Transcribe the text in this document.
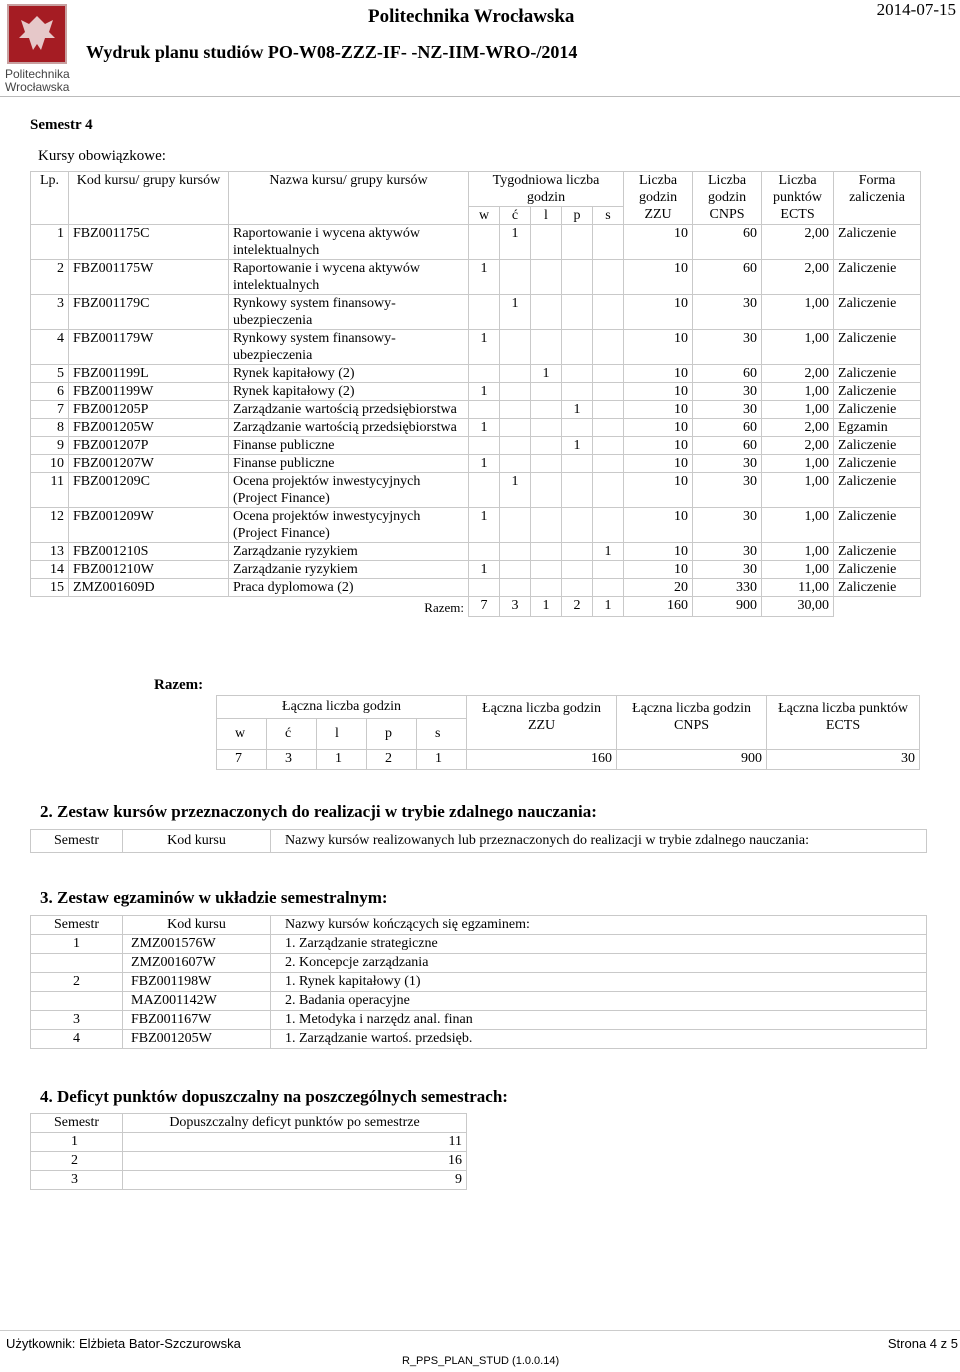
Politechnika
Wrocławska
Politechnika Wrocławska
Wydruk planu studiów PO-W08-ZZZ-IF- -NZ-IIM-WRO-/2014
2014-07-15
Semestr 4
Kursy obowiązkowe:
Lp.	Kod kursu/ grupy kursów	Nazwa kursu/ grupy kursów	Tygodniowa liczba godzin					Liczba godzin ZZU	Liczba godzin CNPS	Liczba punktów ECTS	Forma zaliczenia
			w	ć	l	p	s				
1	FBZ001175C	Raportowanie i wycena aktywów intelektualnych		1				10	60	2,00	Zaliczenie
2	FBZ001175W	Raportowanie i wycena aktywów intelektualnych	1					10	60	2,00	Zaliczenie
3	FBZ001179C	Rynkowy system finansowy-ubezpieczenia		1				10	30	1,00	Zaliczenie
4	FBZ001179W	Rynkowy system finansowy-ubezpieczenia	1					10	30	1,00	Zaliczenie
5	FBZ001199L	Rynek kapitałowy (2)			1			10	60	2,00	Zaliczenie
6	FBZ001199W	Rynek kapitałowy (2)	1					10	30	1,00	Zaliczenie
7	FBZ001205P	Zarządzanie wartością przedsiębiorstwa				1		10	30	1,00	Zaliczenie
8	FBZ001205W	Zarządzanie wartością przedsiębiorstwa	1					10	60	2,00	Egzamin
9	FBZ001207P	Finanse publiczne				1		10	60	2,00	Zaliczenie
10	FBZ001207W	Finanse publiczne	1					10	30	1,00	Zaliczenie
11	FBZ001209C	Ocena projektów inwestycyjnych (Project Finance)		1				10	30	1,00	Zaliczenie
12	FBZ001209W	Ocena projektów inwestycyjnych (Project Finance)	1					10	30	1,00	Zaliczenie
13	FBZ001210S	Zarządzanie ryzykiem					1	10	30	1,00	Zaliczenie
14	FBZ001210W	Zarządzanie ryzykiem	1					10	30	1,00	Zaliczenie
15	ZMZ001609D	Praca dyplomowa (2)						20	330	11,00	Zaliczenie
Razem:			7	3	1	2	1	160	900	30,00	
Razem:
Łączna liczba godzin					Łączna liczba godzin ZZU	Łączna liczba godzin CNPS	Łączna liczba punktów ECTS
w	ć	l	p	s			
7	3	1	2	1	160	900	30
2. Zestaw kursów przeznaczonych do realizacji w trybie zdalnego nauczania:
Semestr	Kod kursu	Nazwy kursów realizowanych lub przeznaczonych do realizacji w trybie zdalnego nauczania:
3. Zestaw egzaminów w układzie semestralnym:
Semestr	Kod kursu	Nazwy kursów kończących się egzaminem:
1	ZMZ001576W	1. Zarządzanie strategiczne
	ZMZ001607W	2. Koncepcje zarządzania
2	FBZ001198W	1. Rynek kapitałowy (1)
	MAZ001142W	2. Badania operacyjne
3	FBZ001167W	1. Metodyka i narzędz anal. finan
4	FBZ001205W	1. Zarządzanie wartoś. przedsięb.
4. Deficyt punktów dopuszczalny na poszczególnych semestrach:
Semestr	Dopuszczalny deficyt punktów po semestrze
1	11
2	16
3	9
Użytkownik: Elżbieta Bator-Szczurowska	Strona 4 z 5
R_PPS_PLAN_STUD (1.0.0.14)
